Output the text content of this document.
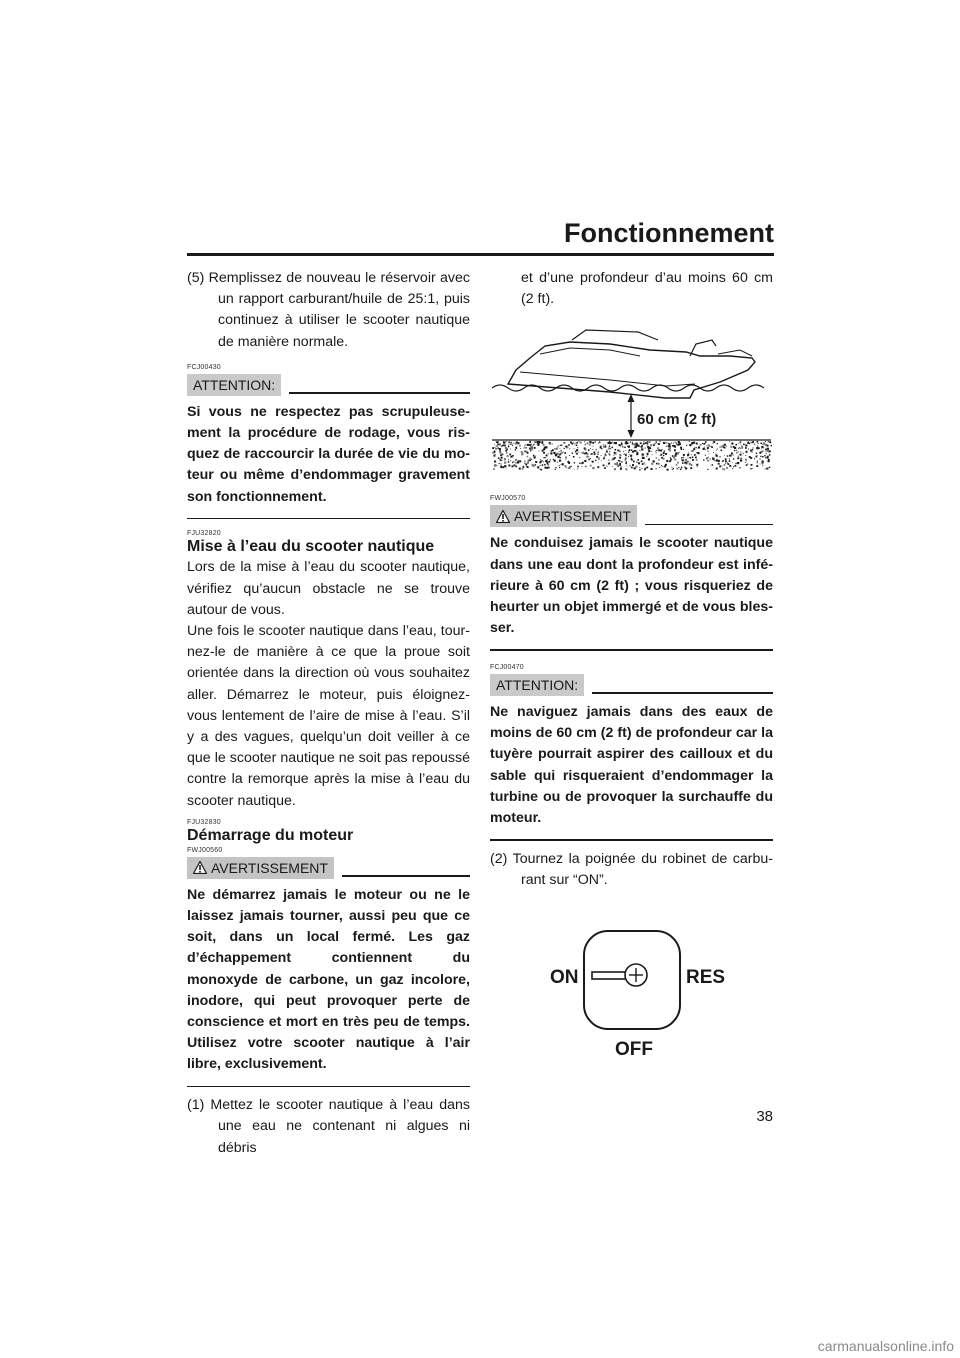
Fonctionnement

(5) Remplissez de nouveau le réservoir avec un rapport carburant/huile de 25:1, puis continuez à utiliser le scooter nautique de manière normale.

FCJ00430
ATTENTION:

Si vous ne respectez pas scrupuleusement la procédure de rodage, vous risquez de raccourcir la durée de vie du moteur ou même d’endommager gravement son fonctionnement.

FJU32820
Mise à l’eau du scooter nautique

Lors de la mise à l’eau du scooter nautique, vérifiez qu’aucun obstacle ne se trouve autour de vous.

Une fois le scooter nautique dans l’eau, tournez-le de manière à ce que la proue soit orientée dans la direction où vous souhaitez aller. Démarrez le moteur, puis éloignez-vous lentement de l’aire de mise à l’eau. S’il y a des vagues, quelqu’un doit veiller à ce que le scooter nautique ne soit pas repoussé contre la remorque après la mise à l’eau du scooter nautique.

FJU32830
Démarrage du moteur
FWJ00560
AVERTISSEMENT

Ne démarrez jamais le moteur ou ne le laissez jamais tourner, aussi peu que ce soit, dans un local fermé. Les gaz d’échappement contiennent du monoxyde de carbone, un gaz incolore, inodore, qui peut provoquer perte de conscience et mort en très peu de temps. Utilisez votre scooter nautique à l’air libre, exclusivement.

(1) Mettez le scooter nautique à l’eau dans une eau ne contenant ni algues ni débris

et d’une profondeur d’au moins 60 cm (2 ft).

60 cm (2 ft)
FWJ00570
AVERTISSEMENT

Ne conduisez jamais le scooter nautique dans une eau dont la profondeur est inférieure à 60 cm (2 ft) ; vous risqueriez de heurter un objet immergé et de vous blesser.

FCJ00470
ATTENTION:

Ne naviguez jamais dans des eaux de moins de 60 cm (2 ft) de profondeur car la tuyère pourrait aspirer des cailloux et du sable qui risqueraient d’endommager la turbine ou de provoquer la surchauffe du moteur.

(2) Tournez la poignée du robinet de carburant sur “ON”.

ON	RES
OFF
38
carmanualsonline.info
